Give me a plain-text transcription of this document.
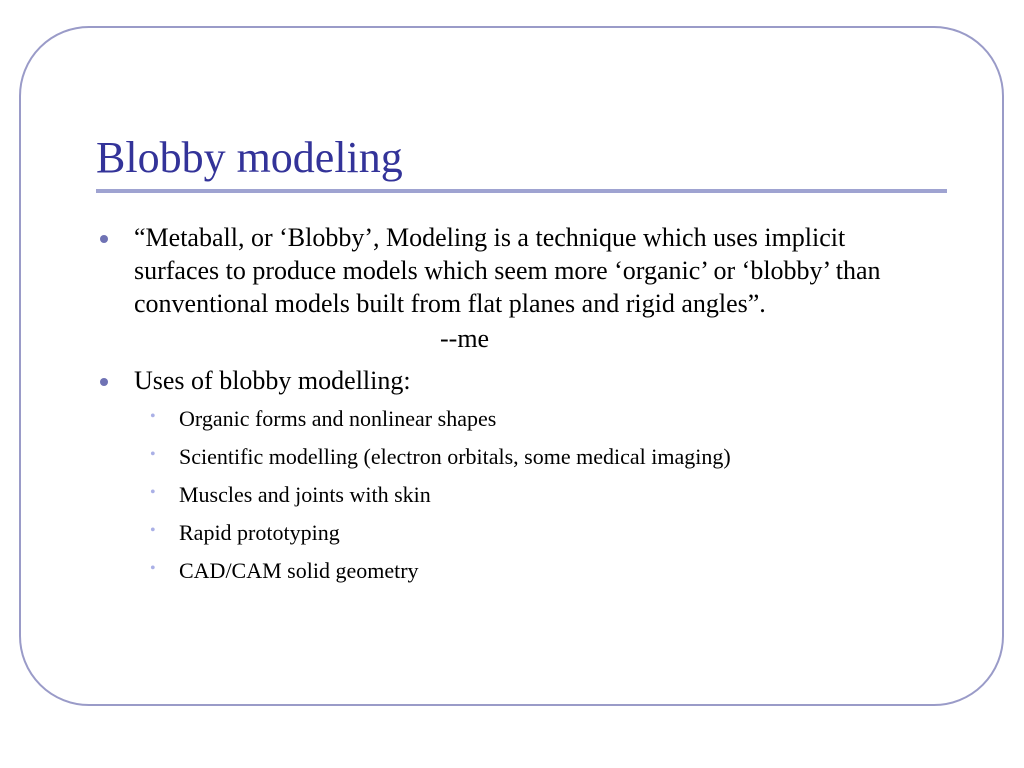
Blobby modeling
“Metaball, or ‘Blobby’, Modeling is a technique which uses implicit surfaces to produce models which seem more ‘organic’ or ‘blobby’ than conventional models built from flat planes and rigid angles”.
--me
Uses of blobby modelling:
• Organic forms and nonlinear shapes
• Scientific modelling (electron orbitals, some medical imaging)
• Muscles and joints with skin
• Rapid prototyping
• CAD/CAM solid geometry
